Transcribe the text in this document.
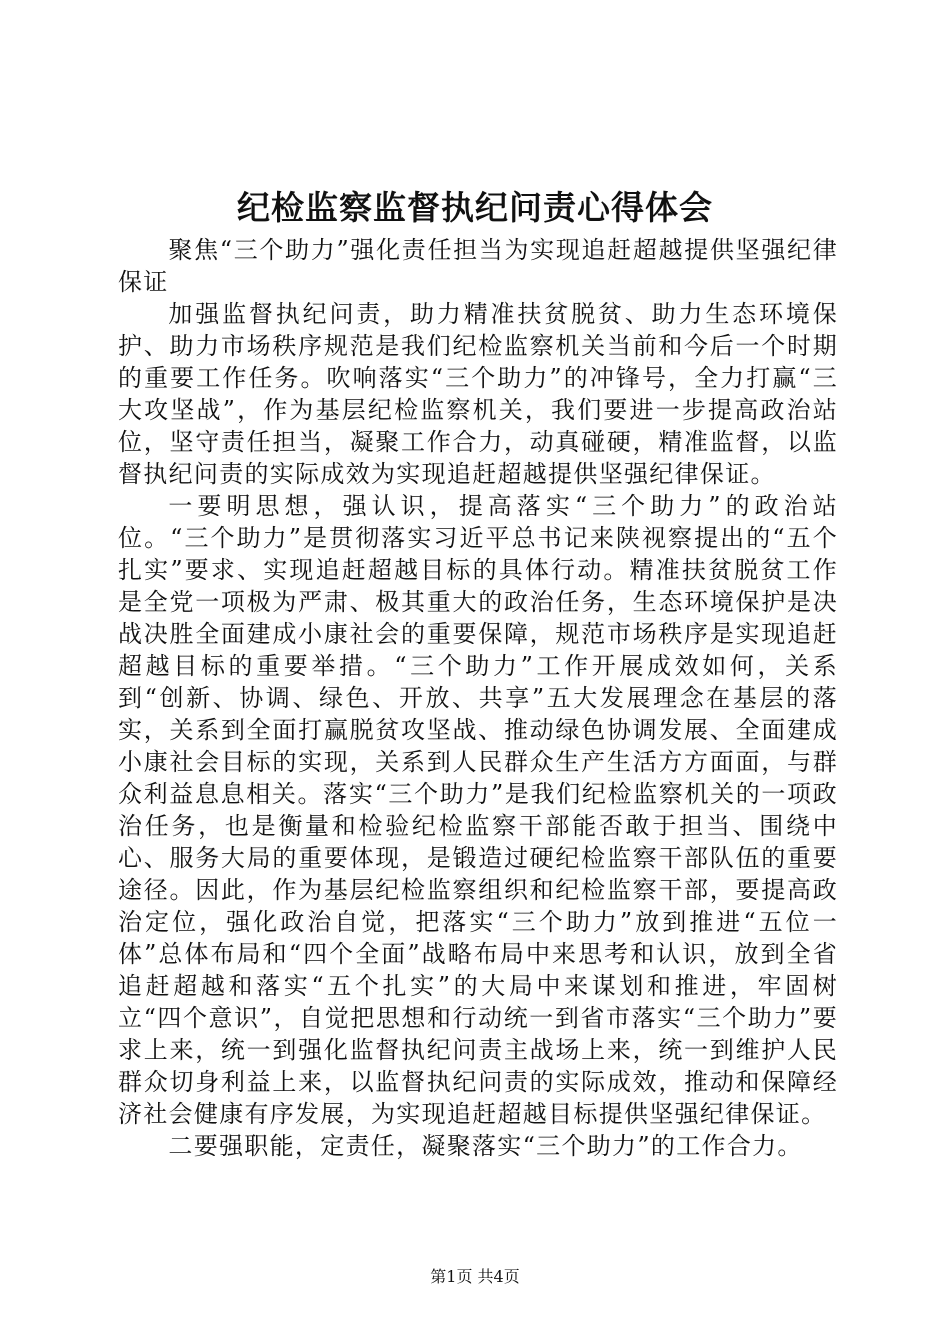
纪检监察监督执纪问责心得体会

聚焦“三个助力”强化责任担当为实现追赶超越提供坚强纪律保证

加强监督执纪问责，助力精准扶贫脱贫、助力生态环境保护、助力市场秩序规范是我们纪检监察机关当前和今后一个时期的重要工作任务。吹响落实“三个助力”的冲锋号，全力打赢“三大攻坚战”，作为基层纪检监察机关，我们要进一步提高政治站位，坚守责任担当，凝聚工作合力，动真碰硬，精准监督，以监督执纪问责的实际成效为实现追赶超越提供坚强纪律保证。

一要明思想，强认识，提高落实“三个助力”的政治站位。“三个助力”是贯彻落实习近平总书记来陕视察提出的“五个扎实”要求、实现追赶超越目标的具体行动。精准扶贫脱贫工作是全党一项极为严肃、极其重大的政治任务，生态环境保护是决战决胜全面建成小康社会的重要保障，规范市场秩序是实现追赶超越目标的重要举措。“三个助力”工作开展成效如何，关系到“创新、协调、绿色、开放、共享”五大发展理念在基层的落实，关系到全面打赢脱贫攻坚战、推动绿色协调发展、全面建成小康社会目标的实现，关系到人民群众生产生活方方面面，与群众利益息息相关。落实“三个助力”是我们纪检监察机关的一项政治任务，也是衡量和检验纪检监察干部能否敢于担当、围绕中心、服务大局的重要体现，是锻造过硬纪检监察干部队伍的重要途径。因此，作为基层纪检监察组织和纪检监察干部，要提高政治定位，强化政治自觉，把落实“三个助力”放到推进“五位一体”总体布局和“四个全面”战略布局中来思考和认识，放到全省追赶超越和落实“五个扎实”的大局中来谋划和推进，牢固树立“四个意识”，自觉把思想和行动统一到省市落实“三个助力”要求上来，统一到强化监督执纪问责主战场上来，统一到维护人民群众切身利益上来，以监督执纪问责的实际成效，推动和保障经济社会健康有序发展，为实现追赶超越目标提供坚强纪律保证。

二要强职能，定责任，凝聚落实“三个助力”的工作合力。

第1页 共4页
